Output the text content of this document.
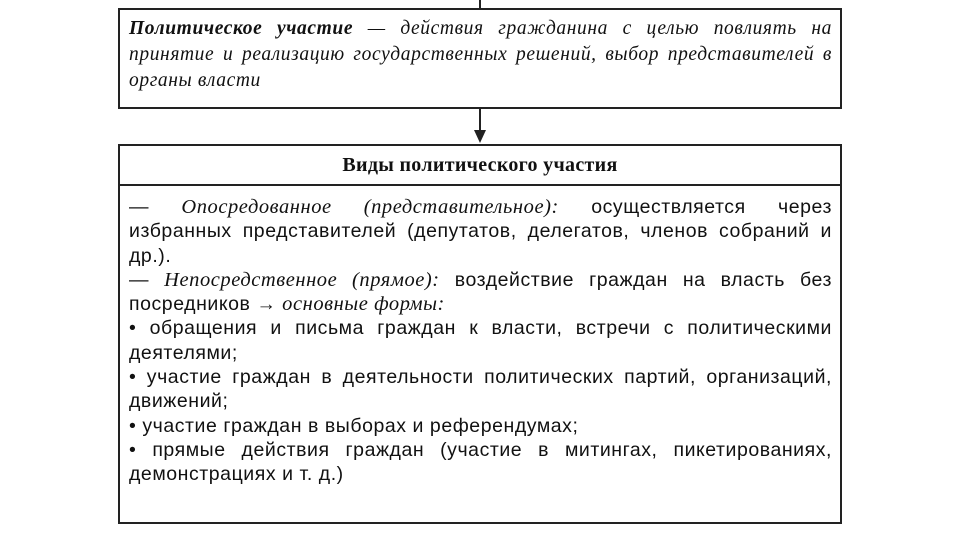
Политическое участие — действия гражданина с целью повлиять на принятие и реализацию государственных решений, выбор представителей в органы власти
Виды политического участия
— Опосредованное (представительное): осуществляется через избранных представителей (депутатов, делегатов, членов собраний и др.).
— Непосредственное (прямое): воздействие граждан на власть без посредников → основные формы:
• обращения и письма граждан к власти, встречи с политическими деятелями;
• участие граждан в деятельности политических партий, организаций, движений;
• участие граждан в выборах и референдумах;
• прямые действия граждан (участие в митингах, пикетированиях, демонстрациях и т. д.)
